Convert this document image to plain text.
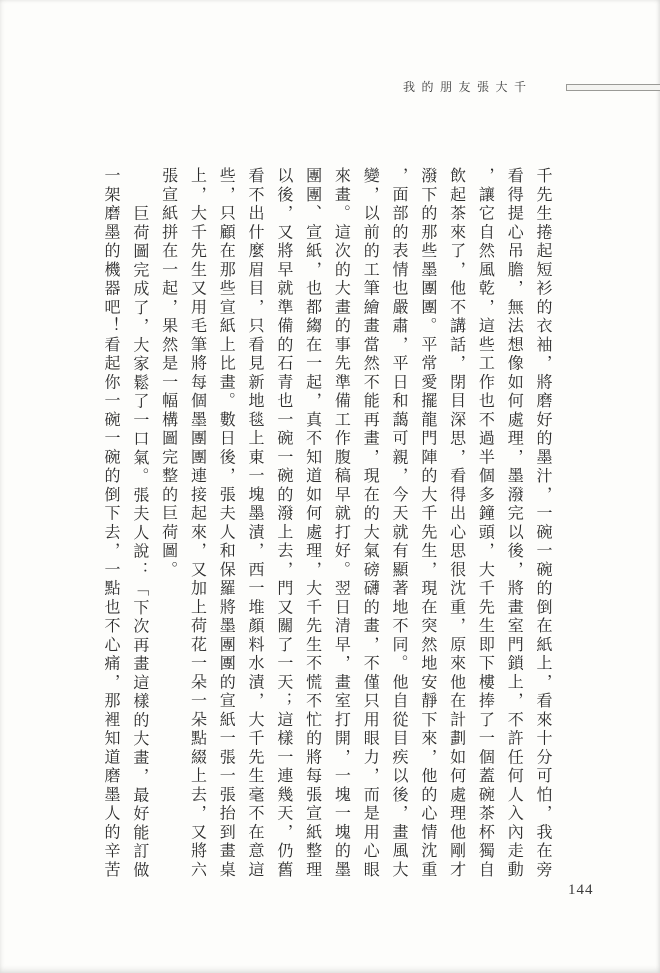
我的朋友張大千

千先生捲起短衫的衣袖，將磨好的墨汁，一碗一碗的倒在紙上，看來十分可怕，我在旁看得提心吊膽，無法想像如何處理，墨潑完以後，將畫室門鎖上，不許任何人入內走動，讓它自然風乾，這些工作也不過半個多鐘頭，大千先生即下樓捧了一個蓋碗茶杯獨自飲起茶來了，他不講話，閉目深思，看得出心思很沈重，原來他在計劃如何處理他剛才潑下的那些墨團團。平常愛擺龍門陣的大千先生，現在突然地安靜下來，他的心情沈重，面部的表情也嚴肅，平日和藹可親，今天就有顯著地不同。他自從目疾以後，畫風大變，以前的工筆繪畫當然不能再畫，現在的大氣磅礴的畫，不僅只用眼力，而是用心眼來畫。這次的大畫的事先準備工作腹稿早就打好。翌日清早，畫室打開，一塊一塊的墨團團、宣紙，也都縐在一起，真不知道如何處理，大千先生不慌不忙的將每張宣紙整理以後，又將早就準備的石青也一碗一碗的潑上去，門又關了一天；這樣一連幾天，仍舊看不出什麼眉目，只看見新地毯上東一塊墨漬，西一堆顏料水漬，大千先生毫不在意這些，只顧在那些宣紙上比畫。數日後，張夫人和保羅將墨團團的宣紙一張一張抬到畫桌上，大千先生又用毛筆將每個墨團團連接起來，又加上荷花一朵一朵點綴上去，又將六張宣紙拼在一起，果然是一幅構圖完整的巨荷圖。

巨荷圖完成了，大家鬆了一口氣。張夫人說：「下次再畫這樣的大畫，最好能訂做一架磨墨的機器吧！看起你一碗一碗的倒下去，一點也不心痛，那裡知道磨墨人的辛苦

144
